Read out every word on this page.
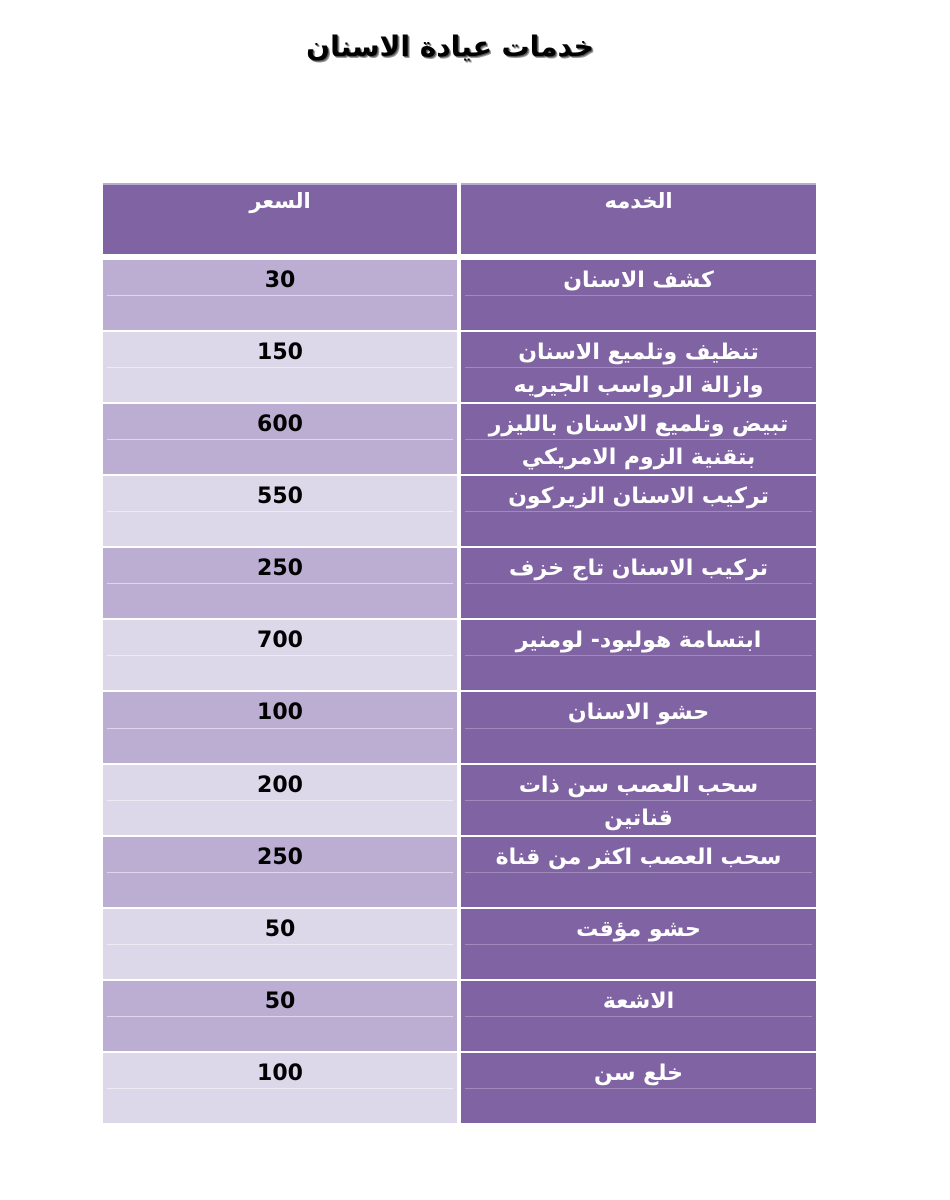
خدمات عيادة الاسنان
السعر	الخدمه
30	كشف الاسنان
150	تنظيف وتلميع الاسنان وازالة الرواسب الجيريه
600	تبيض وتلميع الاسنان بالليزر بتقنية الزوم الامريكي
550	تركيب الاسنان الزيركون
250	تركيب الاسنان تاج خزف
700	ابتسامة هوليود- لومنير
100	حشو الاسنان
200	سحب العصب سن ذات قناتين
250	سحب العصب اكثر من قناة
50	حشو مؤقت
50	الاشعة
100	خلع سن
